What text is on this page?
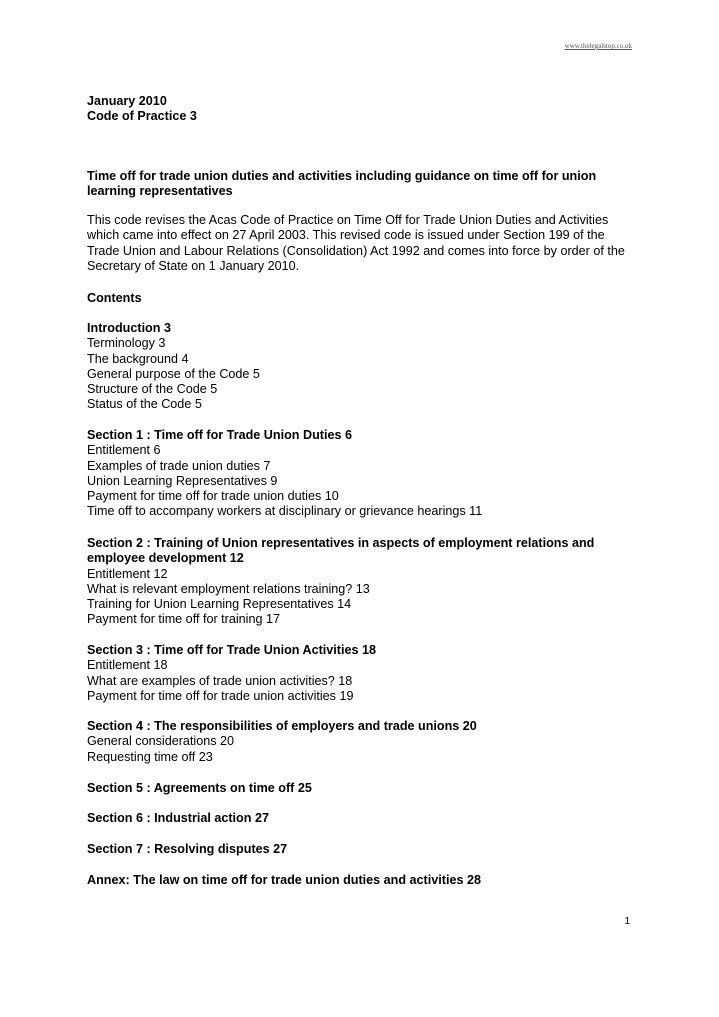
www.thelegalstop.co.uk
January 2010
Code of Practice 3
Time off for trade union duties and activities including guidance on time off for union learning representatives
This code revises the Acas Code of Practice on Time Off for Trade Union Duties and Activities which came into effect on 27 April 2003. This revised code is issued under Section 199 of the Trade Union and Labour Relations (Consolidation) Act 1992 and comes into force by order of the Secretary of State on 1 January 2010.
Contents
Introduction 3
Terminology 3
The background 4
General purpose of the Code 5
Structure of the Code 5
Status of the Code 5
Section 1 : Time off for Trade Union Duties 6
Entitlement 6
Examples of trade union duties 7
Union Learning Representatives 9
Payment for time off for trade union duties 10
Time off to accompany workers at disciplinary or grievance hearings 11
Section 2 : Training of Union representatives in aspects of employment relations and employee development 12
Entitlement 12
What is relevant employment relations training? 13
Training for Union Learning Representatives 14
Payment for time off for training 17
Section 3 : Time off for Trade Union Activities 18
Entitlement 18
What are examples of trade union activities? 18
Payment for time off for trade union activities 19
Section 4 : The responsibilities of employers and trade unions 20
General considerations 20
Requesting time off 23
Section 5 : Agreements on time off 25
Section 6 : Industrial action 27
Section 7 : Resolving disputes 27
Annex: The law on time off for trade union duties and activities 28
1
